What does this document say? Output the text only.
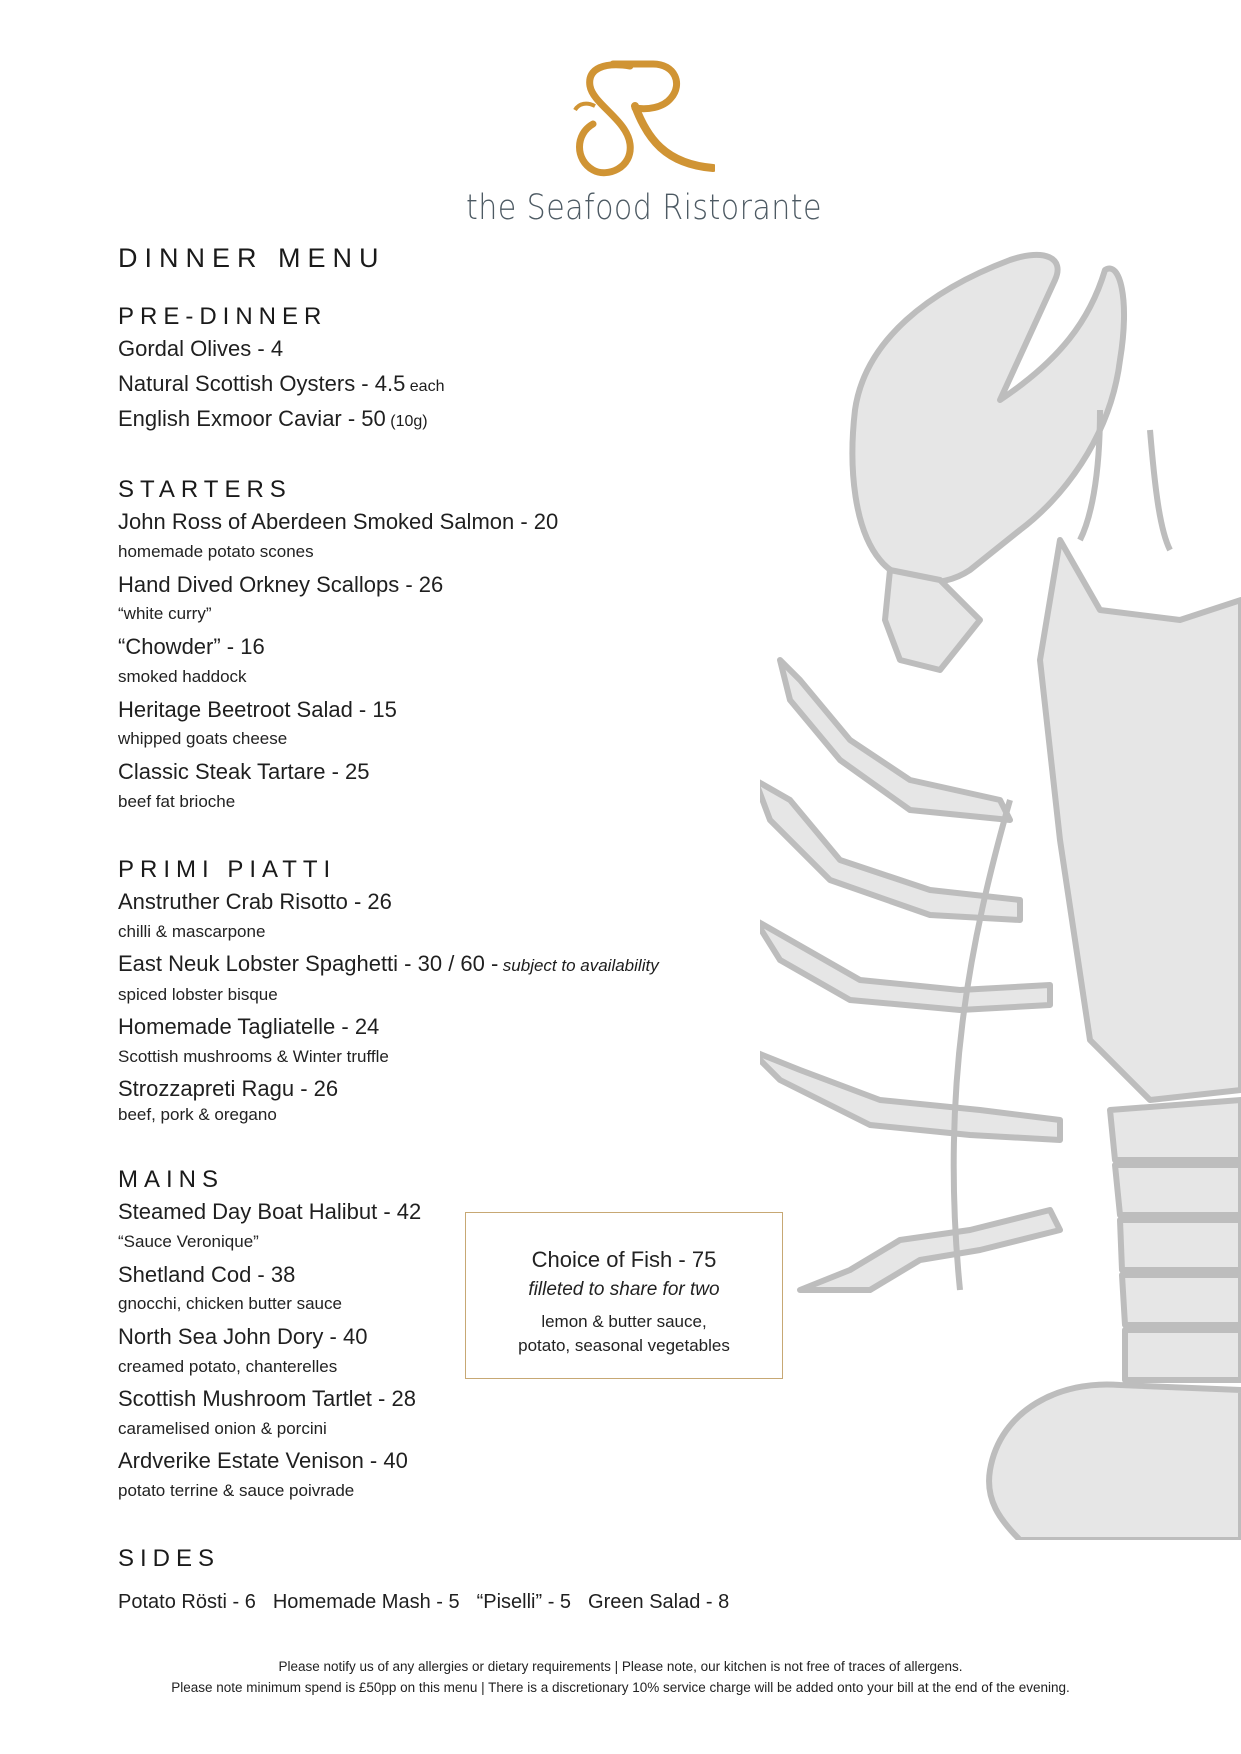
the Seafood Ristorante
DINNER MENU
PRE-DINNER
Gordal Olives - 4
Natural Scottish Oysters - 4.5 each
English Exmoor Caviar - 50 (10g)
STARTERS
John Ross of Aberdeen Smoked Salmon - 20
homemade potato scones
Hand Dived Orkney Scallops - 26
“white curry”
“Chowder” - 16
smoked haddock
Heritage Beetroot Salad - 15
whipped goats cheese
Classic Steak Tartare - 25
beef fat brioche
PRIMI PIATTI
Anstruther Crab Risotto - 26
chilli & mascarpone
East Neuk Lobster Spaghetti - 30 / 60 - subject to availability
spiced lobster bisque
Homemade Tagliatelle - 24
Scottish mushrooms & Winter truffle
Strozzapreti Ragu - 26
beef, pork & oregano
MAINS
Steamed Day Boat Halibut - 42
“Sauce Veronique”
Shetland Cod - 38
gnocchi, chicken butter sauce
North Sea John Dory - 40
creamed potato, chanterelles
Scottish Mushroom Tartlet - 28
caramelised onion & porcini
Ardverike Estate Venison - 40
potato terrine & sauce poivrade
Choice of Fish - 75
filleted to share for two
lemon & butter sauce,
potato, seasonal vegetables
SIDES
Potato Rösti - 6 Homemade Mash - 5 “Piselli” - 5 Green Salad - 8
Please notify us of any allergies or dietary requirements | Please note, our kitchen is not free of traces of allergens.
Please note minimum spend is £50pp on this menu | There is a discretionary 10% service charge will be added onto your bill at the end of the evening.
